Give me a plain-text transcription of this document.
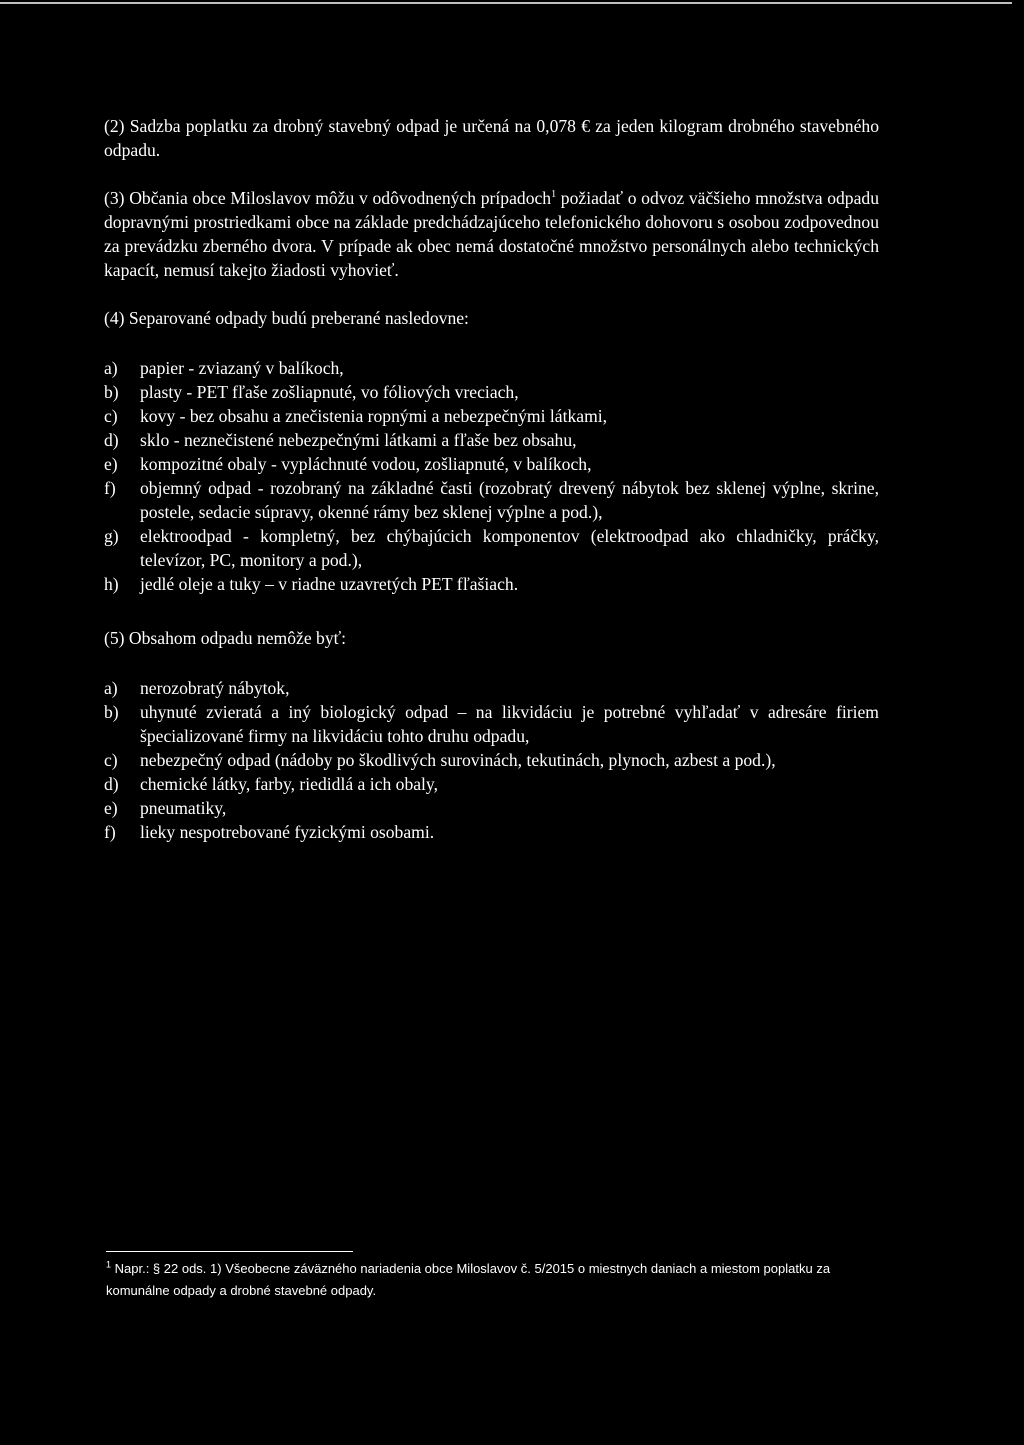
(2) Sadzba poplatku za drobný stavebný odpad je určená na 0,078 € za jeden kilogram drobného stavebného odpadu.

(3) Občania obce Miloslavov môžu v odôvodnených prípadoch$^1$ požiadať o odvoz väčšieho množstva odpadu dopravnými prostriedkami obce na základe predchádzajúceho telefonického dohovoru s osobou zodpovednou za prevádzku zberného dvora. V prípade ak obec nemá dostatočné množstvo personálnych alebo technických kapacít, nemusí takejto žiadosti vyhovieť.

(4) Separované odpady budú preberané nasledovne:

a) papier - zviazaný v balíkoch,
b) plasty - PET fľaše zošliapnuté, vo fóliových vreciach,
c) kovy - bez obsahu a znečistenia ropnými a nebezpečnými látkami,
d) sklo - neznečistené nebezpečnými látkami a fľaše bez obsahu,
e) kompozitné obaly - vypláchnuté vodou, zošliapnuté, v balíkoch,
f) objemný odpad - rozobraný na základné časti (rozobratý drevený nábytok bez sklenej výplne, skrine, postele, sedacie súpravy, okenné rámy bez sklenej výplne a pod.),
g) elektroodpad - kompletný, bez chýbajúcich komponentov (elektroodpad ako chladničky, práčky, televízor, PC, monitory a pod.),
h) jedlé oleje a tuky – v riadne uzavretých PET fľašiach.

(5) Obsahom odpadu nemôže byť:

a) nerozobratý nábytok,
b) uhynuté zvieratá a iný biologický odpad – na likvidáciu je potrebné vyhľadať v adresáre firiem špecializované firmy na likvidáciu tohto druhu odpadu,
c) nebezpečný odpad (nádoby po škodlivých surovinách, tekutinách, plynoch, azbest a pod.),
d) chemické látky, farby, riedidlá a ich obaly,
e) pneumatiky,
f) lieky nespotrebované fyzickými osobami.
$^1$ Napr.: § 22 ods. 1) Všeobecne záväzného nariadenia obce Miloslavov č. 5/2015 o miestnych daniach a miestom poplatku za komunálne odpady a drobné stavebné odpady.
